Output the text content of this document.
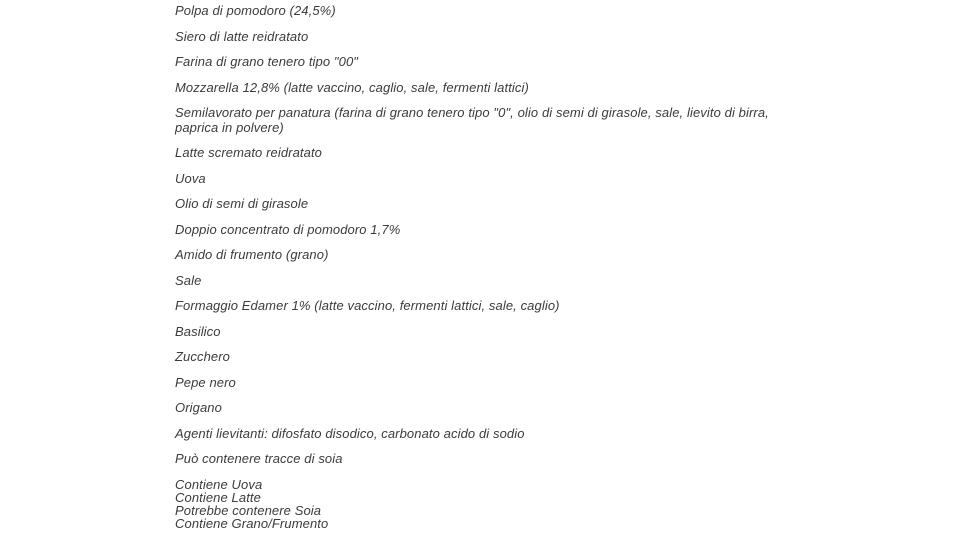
Polpa di pomodoro (24,5%)

Siero di latte reidratato

Farina di grano tenero tipo "00"

Mozzarella 12,8% (latte vaccino, caglio, sale, fermenti lattici)

Semilavorato per panatura (farina di grano tenero tipo "0", olio di semi di girasole, sale, lievito di birra, paprica in polvere)

Latte scremato reidratato

Uova

Olio di semi di girasole

Doppio concentrato di pomodoro 1,7%

Amido di frumento (grano)

Sale

Formaggio Edamer 1% (latte vaccino, fermenti lattici, sale, caglio)

Basilico

Zucchero

Pepe nero

Origano

Agenti lievitanti: difosfato disodico, carbonato acido di sodio

Può contenere tracce di soia

Contiene Uova

Contiene Latte

Potrebbe contenere Soia

Contiene Grano/Frumento
